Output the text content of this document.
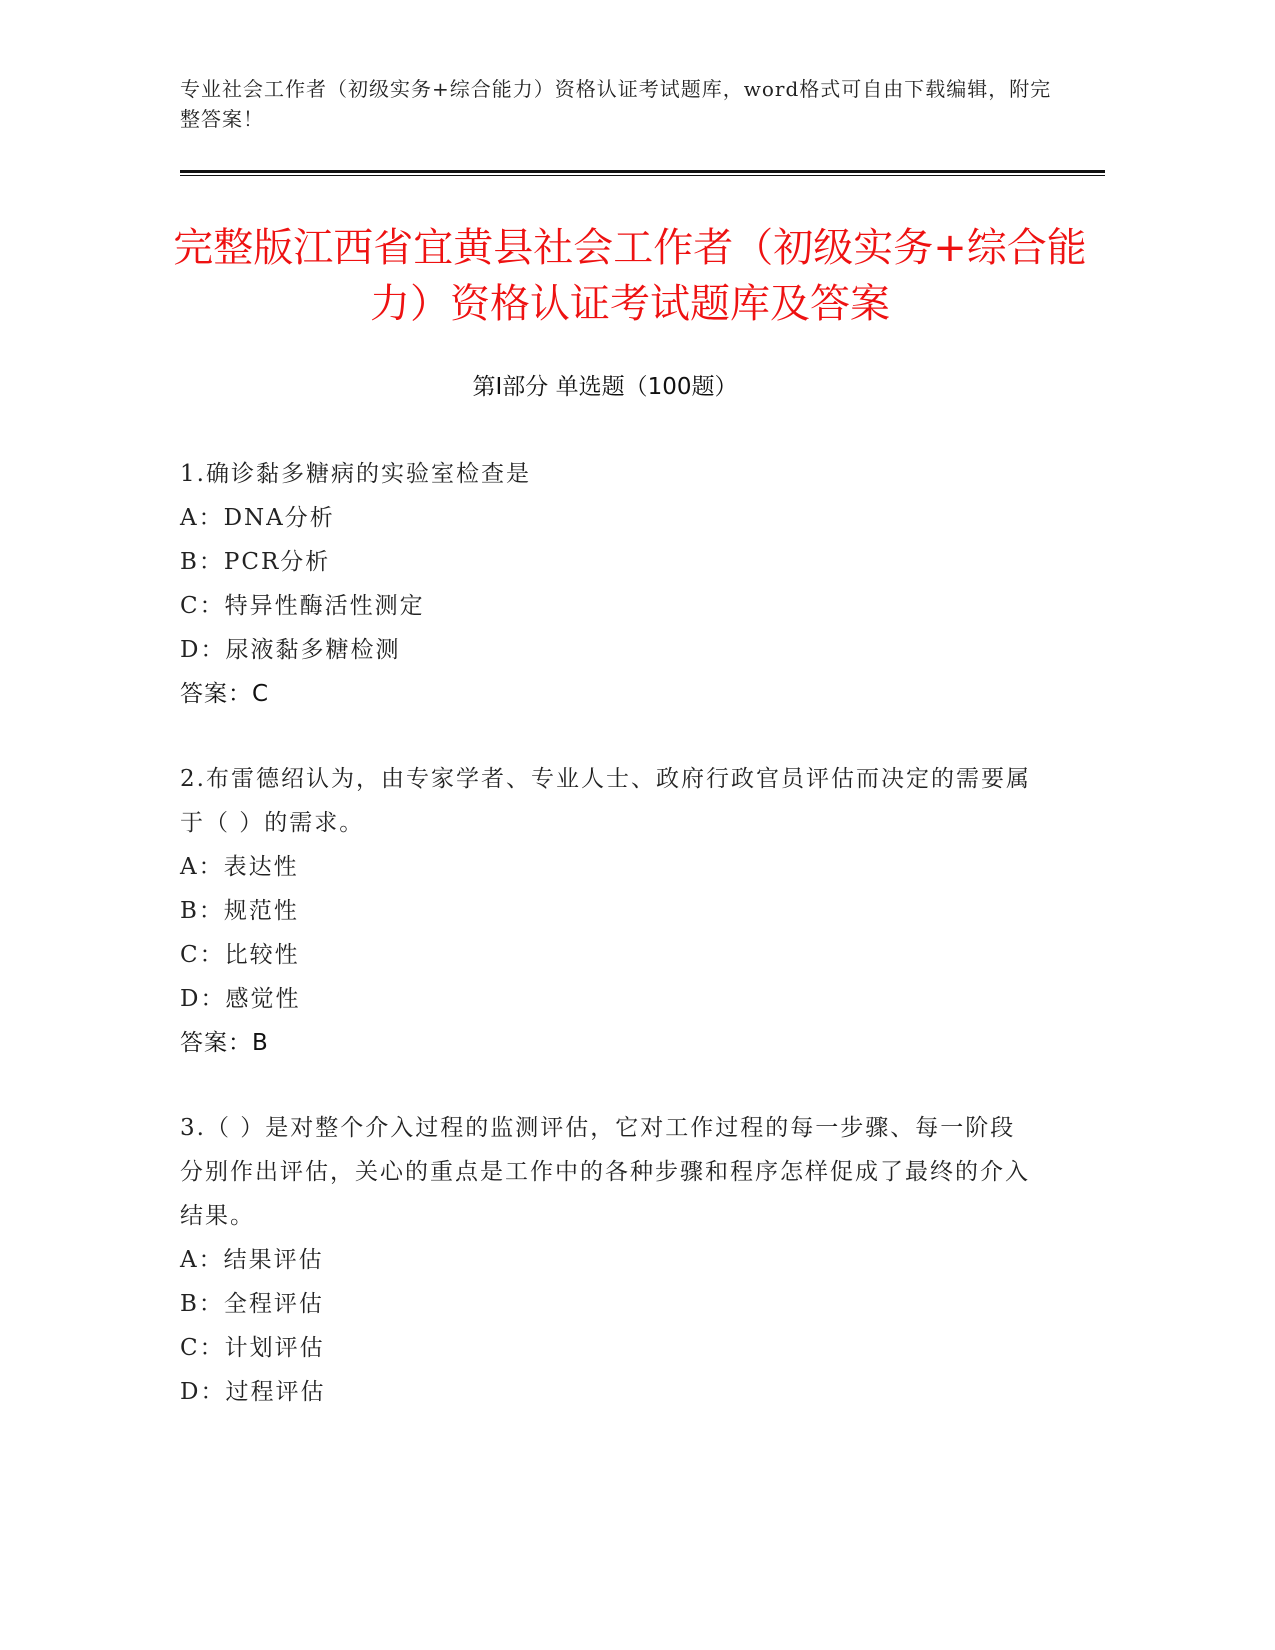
专业社会工作者（初级实务+综合能力）资格认证考试题库，word格式可自由下载编辑，附完整答案！
完整版江西省宜黄县社会工作者（初级实务+综合能力）资格认证考试题库及答案
第I部分 单选题（100题）
1.确诊黏多糖病的实验室检查是
A：DNA分析
B：PCR分析
C：特异性酶活性测定
D：尿液黏多糖检测
答案：C
2.布雷德绍认为，由专家学者、专业人士、政府行政官员评估而决定的需要属于（ ）的需求。
A：表达性
B：规范性
C：比较性
D：感觉性
答案：B
3.（ ）是对整个介入过程的监测评估，它对工作过程的每一步骤、每一阶段分别作出评估，关心的重点是工作中的各种步骤和程序怎样促成了最终的介入结果。
A：结果评估
B：全程评估
C：计划评估
D：过程评估
